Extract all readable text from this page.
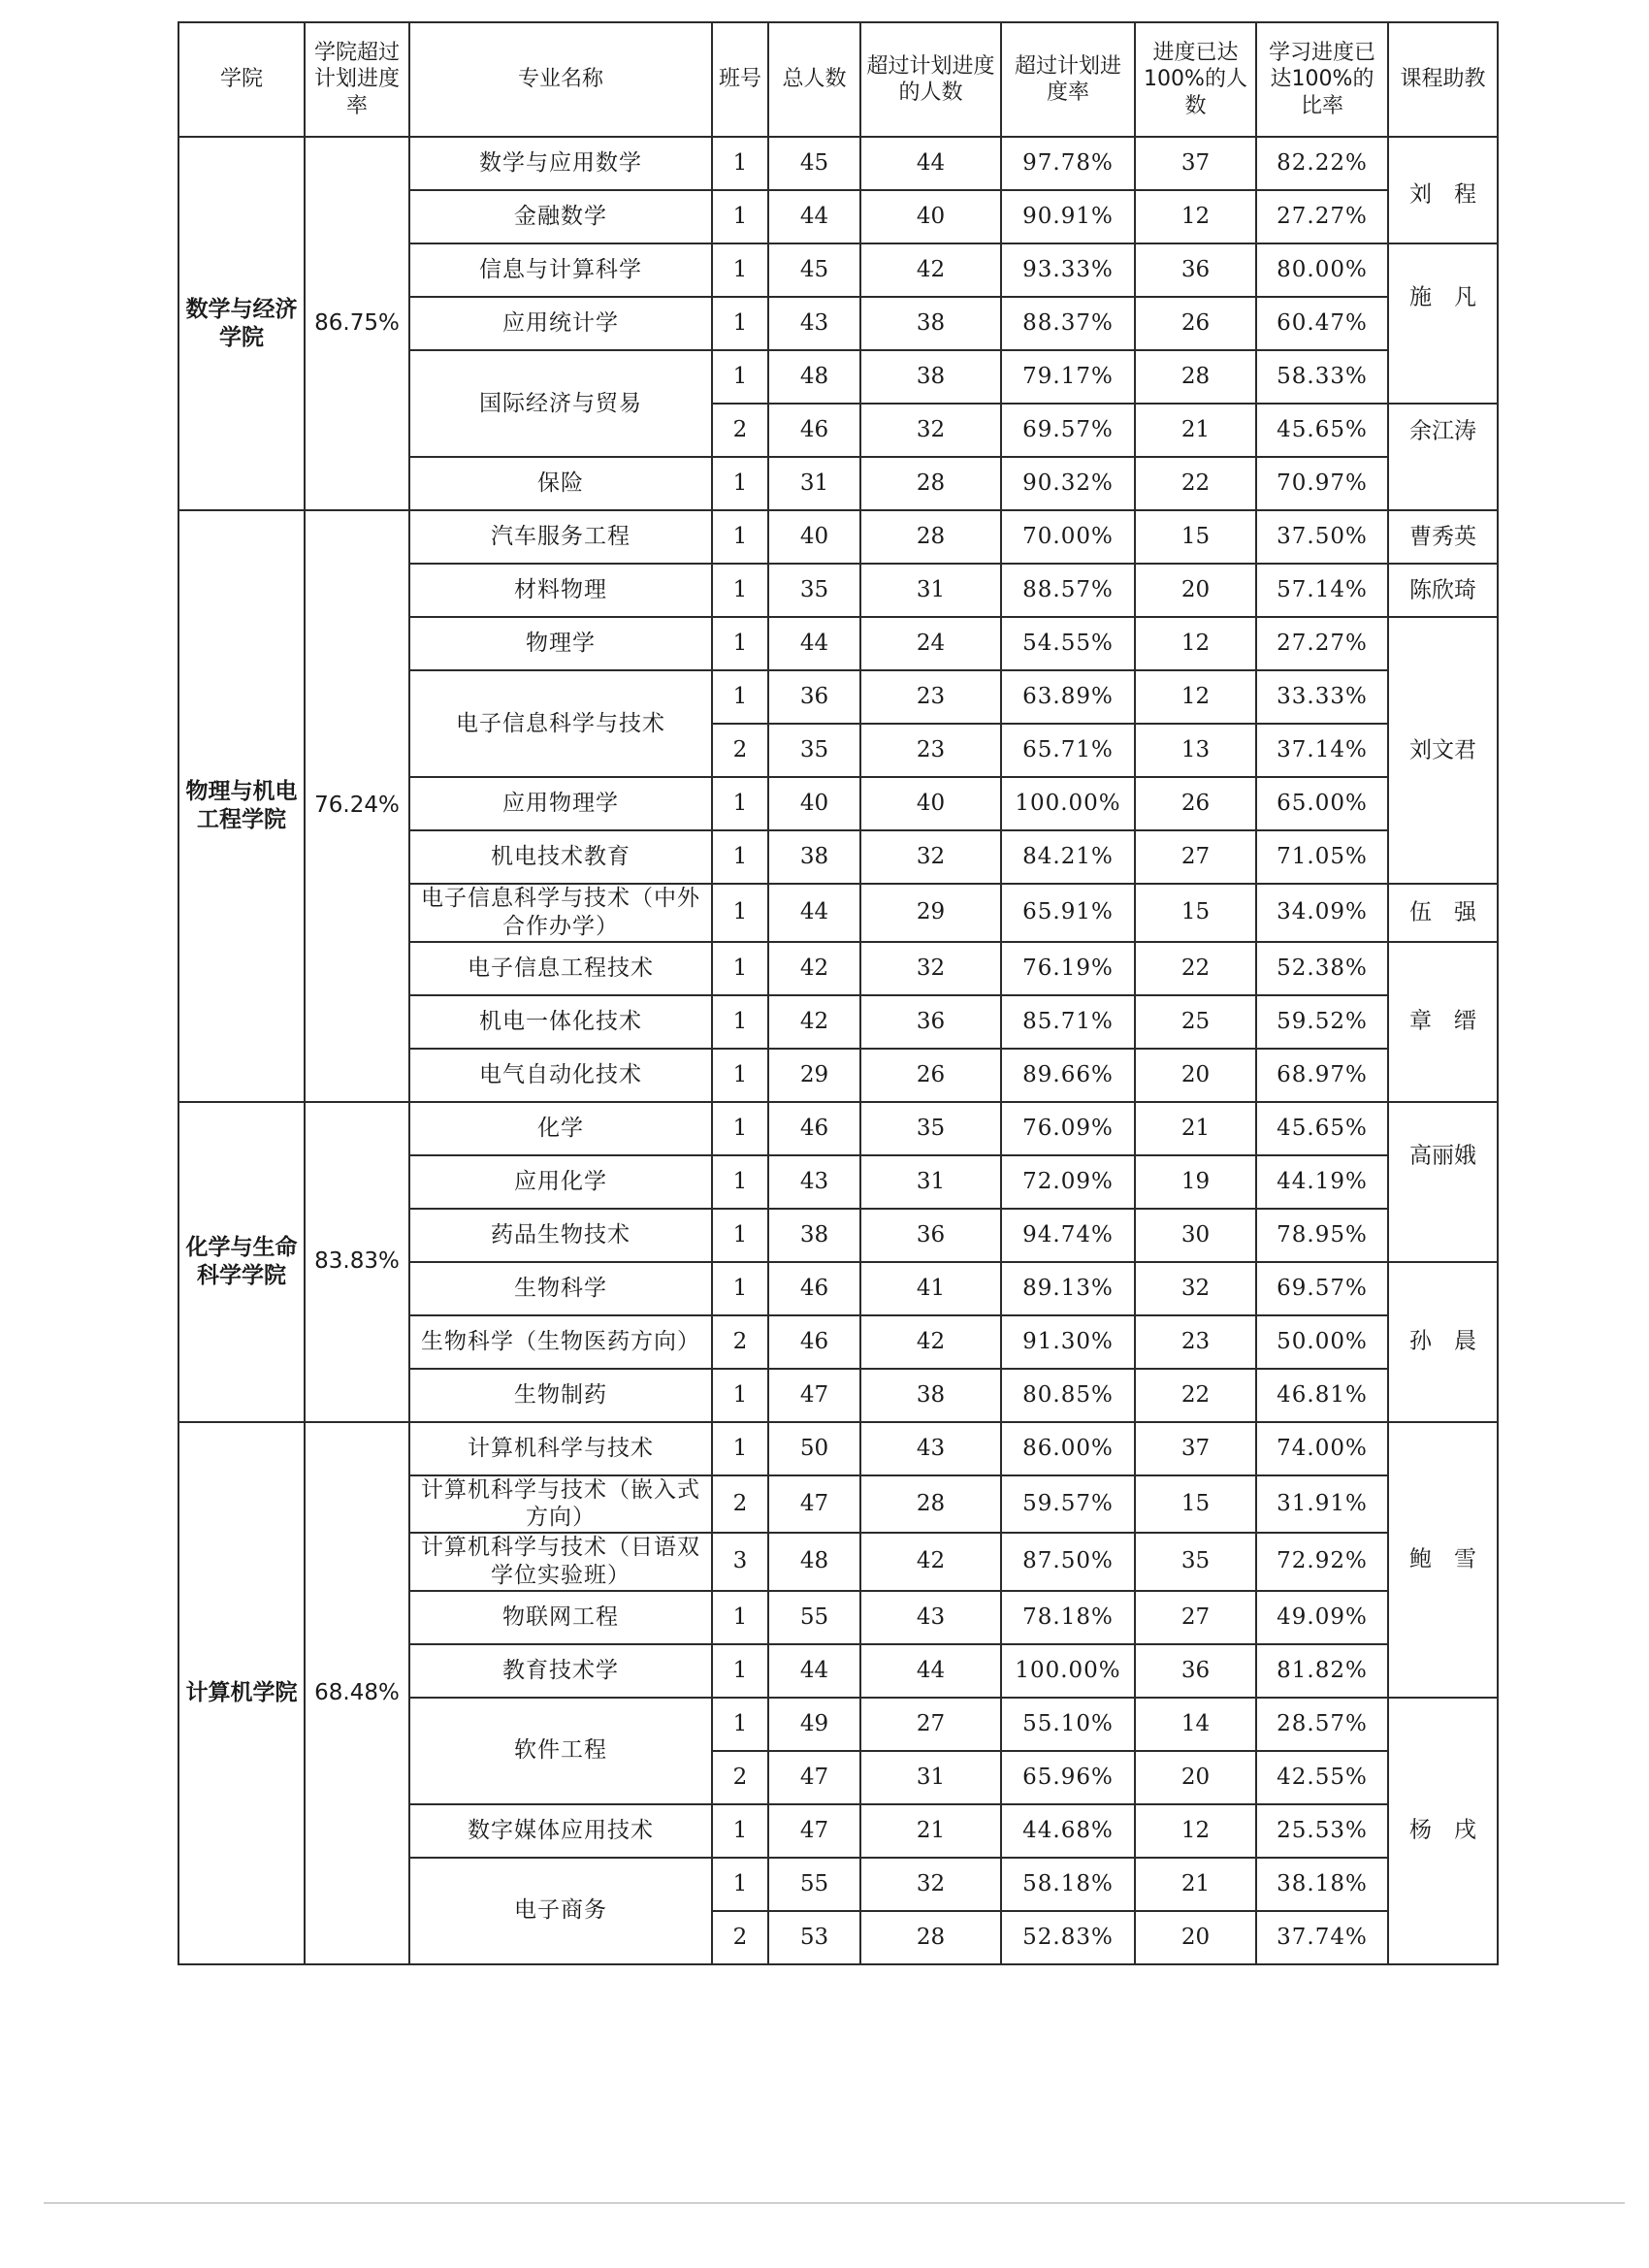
学院	学院超过计划进度率	专业名称	班号	总人数	超过计划进度的人数	超过计划进度率	进度已达100%的人数	学习进度已达100%的比率	课程助教
数学与经济学院	86.75%	数学与应用数学	1	45	44	97.78%	37	82.22%	刘　程

		金融数学	1	44	40	90.91%	12	27.27%	
		信息与计算科学	1	45	42	93.33%	36	80.00%	施　凡

		应用统计学	1	43	38	88.37%	26	60.47%	
		国际经济与贸易	1	48	38	79.17%	28	58.33%	
			2	46	32	69.57%	21	45.65%	余江涛

		保险	1	31	28	90.32%	22	70.97%	
物理与机电工程学院	76.24%	汽车服务工程	1	40	28	70.00%	15	37.50%	曹秀英

		材料物理	1	35	31	88.57%	20	57.14%	陈欣琦

		物理学	1	44	24	54.55%	12	27.27%	刘文君

		电子信息科学与技术	1	36	23	63.89%	12	33.33%	
			2	35	23	65.71%	13	37.14%	
		应用物理学	1	40	40	100.00%	26	65.00%	
		机电技术教育	1	38	32	84.21%	27	71.05%	
		电子信息科学与技术（中外合作办学）	1	44	29	65.91%	15	34.09%	伍　强

		电子信息工程技术	1	42	32	76.19%	22	52.38%	章　缙

		机电一体化技术	1	42	36	85.71%	25	59.52%	
		电气自动化技术	1	29	26	89.66%	20	68.97%	
化学与生命科学学院	83.83%	化学	1	46	35	76.09%	21	45.65%	高丽娥

		应用化学	1	43	31	72.09%	19	44.19%	
		药品生物技术	1	38	36	94.74%	30	78.95%	
		生物科学	1	46	41	89.13%	32	69.57%	孙　晨

		生物科学（生物医药方向）	2	46	42	91.30%	23	50.00%	
		生物制药	1	47	38	80.85%	22	46.81%	
计算机学院	68.48%	计算机科学与技术	1	50	43	86.00%	37	74.00%	鲍　雪

		计算机科学与技术（嵌入式方向）	2	47	28	59.57%	15	31.91%	
		计算机科学与技术（日语双学位实验班）	3	48	42	87.50%	35	72.92%	
		物联网工程	1	55	43	78.18%	27	49.09%	
		教育技术学	1	44	44	100.00%	36	81.82%	
		软件工程	1	49	27	55.10%	14	28.57%	杨　戌

			2	47	31	65.96%	20	42.55%	
		数字媒体应用技术	1	47	21	44.68%	12	25.53%	
		电子商务	1	55	32	58.18%	21	38.18%	
			2	53	28	52.83%	20	37.74%	
